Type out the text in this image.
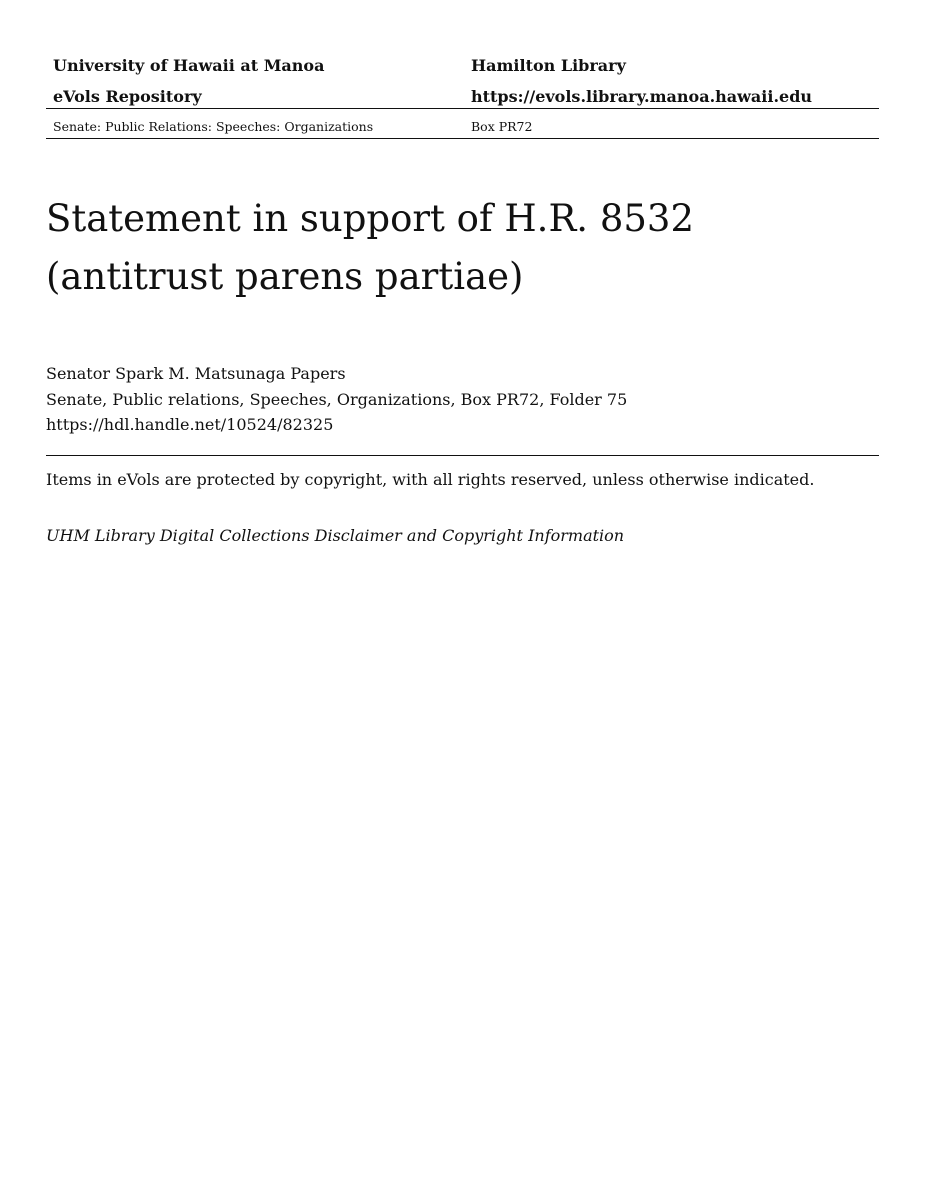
University of Hawaii at Manoa	Hamilton Library
eVols Repository	https://evols.library.manoa.hawaii.edu
Senate: Public Relations: Speeches: Organizations	Box PR72
Statement in support of H.R. 8532
(antitrust parens partiae)
Senator Spark M. Matsunaga Papers
Senate, Public relations, Speeches, Organizations, Box PR72, Folder 75
https://hdl.handle.net/10524/82325
Items in eVols are protected by copyright, with all rights reserved, unless otherwise indicated.
UHM Library Digital Collections Disclaimer and Copyright Information
